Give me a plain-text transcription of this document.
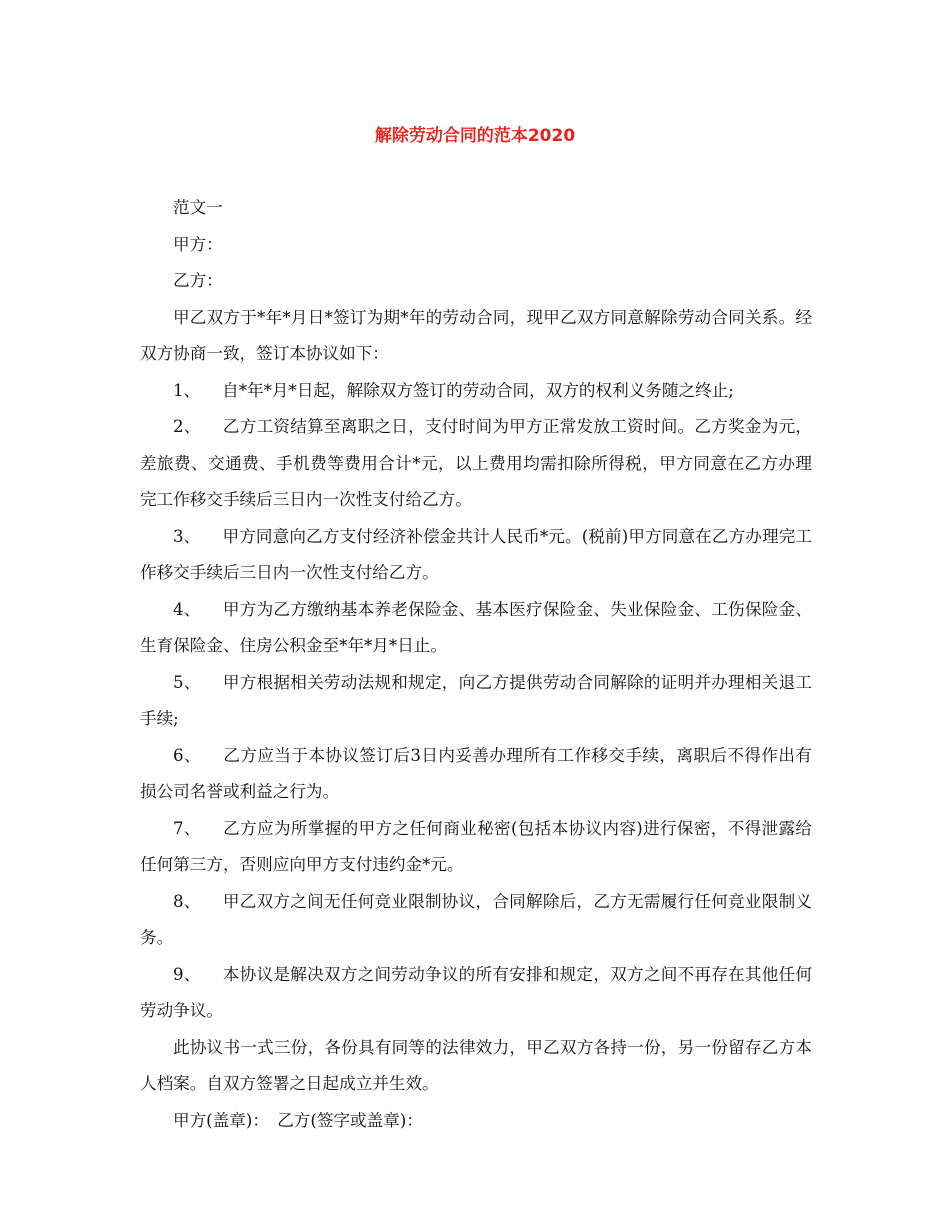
解除劳动合同的范本2020

范文一

甲方：

乙方：

甲乙双方于*年*月日*签订为期*年的劳动合同，现甲乙双方同意解除劳动合同关系。经双方协商一致，签订本协议如下：

1、 自*年*月*日起，解除双方签订的劳动合同，双方的权利义务随之终止;

2、 乙方工资结算至离职之日，支付时间为甲方正常发放工资时间。乙方奖金为元，差旅费、交通费、手机费等费用合计*元，以上费用均需扣除所得税，甲方同意在乙方办理完工作移交手续后三日内一次性支付给乙方。

3、 甲方同意向乙方支付经济补偿金共计人民币*元。(税前)甲方同意在乙方办理完工作移交手续后三日内一次性支付给乙方。

4、 甲方为乙方缴纳基本养老保险金、基本医疗保险金、失业保险金、工伤保险金、生育保险金、住房公积金至*年*月*日止。

5、 甲方根据相关劳动法规和规定，向乙方提供劳动合同解除的证明并办理相关退工手续;

6、 乙方应当于本协议签订后3日内妥善办理所有工作移交手续，离职后不得作出有损公司名誉或利益之行为。

7、 乙方应为所掌握的甲方之任何商业秘密(包括本协议内容)进行保密，不得泄露给任何第三方，否则应向甲方支付违约金*元。

8、 甲乙双方之间无任何竞业限制协议，合同解除后，乙方无需履行任何竞业限制义务。

9、 本协议是解决双方之间劳动争议的所有安排和规定，双方之间不再存在其他任何劳动争议。

此协议书一式三份，各份具有同等的法律效力，甲乙双方各持一份，另一份留存乙方本人档案。自双方签署之日起成立并生效。

甲方(盖章)：　乙方(签字或盖章)：
